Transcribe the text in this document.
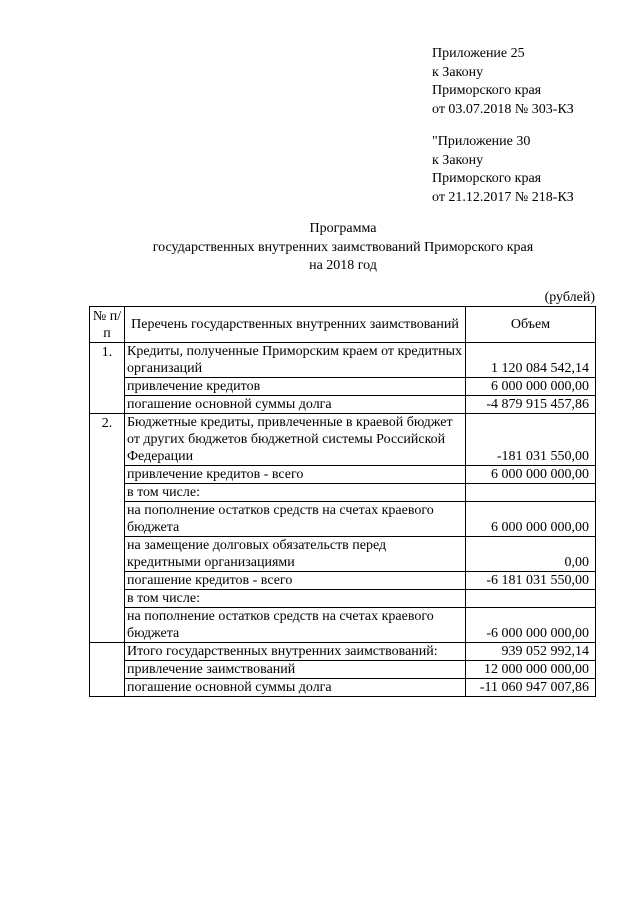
Приложение 25
к Закону
Приморского края
от 03.07.2018 № 303-КЗ
"Приложение 30
к Закону
Приморского края
от 21.12.2017 № 218-КЗ
Программа
государственных внутренних заимствований Приморского края
на 2018 год
(рублей)
№ п/п	Перечень государственных внутренних заимствований	Объем
1.	Кредиты, полученные Приморским краем от кредитных организаций	1 120 084 542,14
	привлечение кредитов	6 000 000 000,00
	погашение основной суммы долга	-4 879 915 457,86
2.	Бюджетные кредиты, привлеченные в краевой бюджет от других бюджетов бюджетной системы Российской Федерации	-181 031 550,00
	привлечение кредитов - всего	6 000 000 000,00
	в том числе:	
	на пополнение остатков средств на счетах краевого бюджета	6 000 000 000,00
	на замещение долговых обязательств перед кредитными организациями	0,00
	погашение кредитов - всего	-6 181 031 550,00
	в том числе:	
	на пополнение остатков средств на счетах краевого бюджета	-6 000 000 000,00
	Итого государственных внутренних заимствований:	939 052 992,14
	привлечение заимствований	12 000 000 000,00
	погашение основной суммы долга	-11 060 947 007,86
